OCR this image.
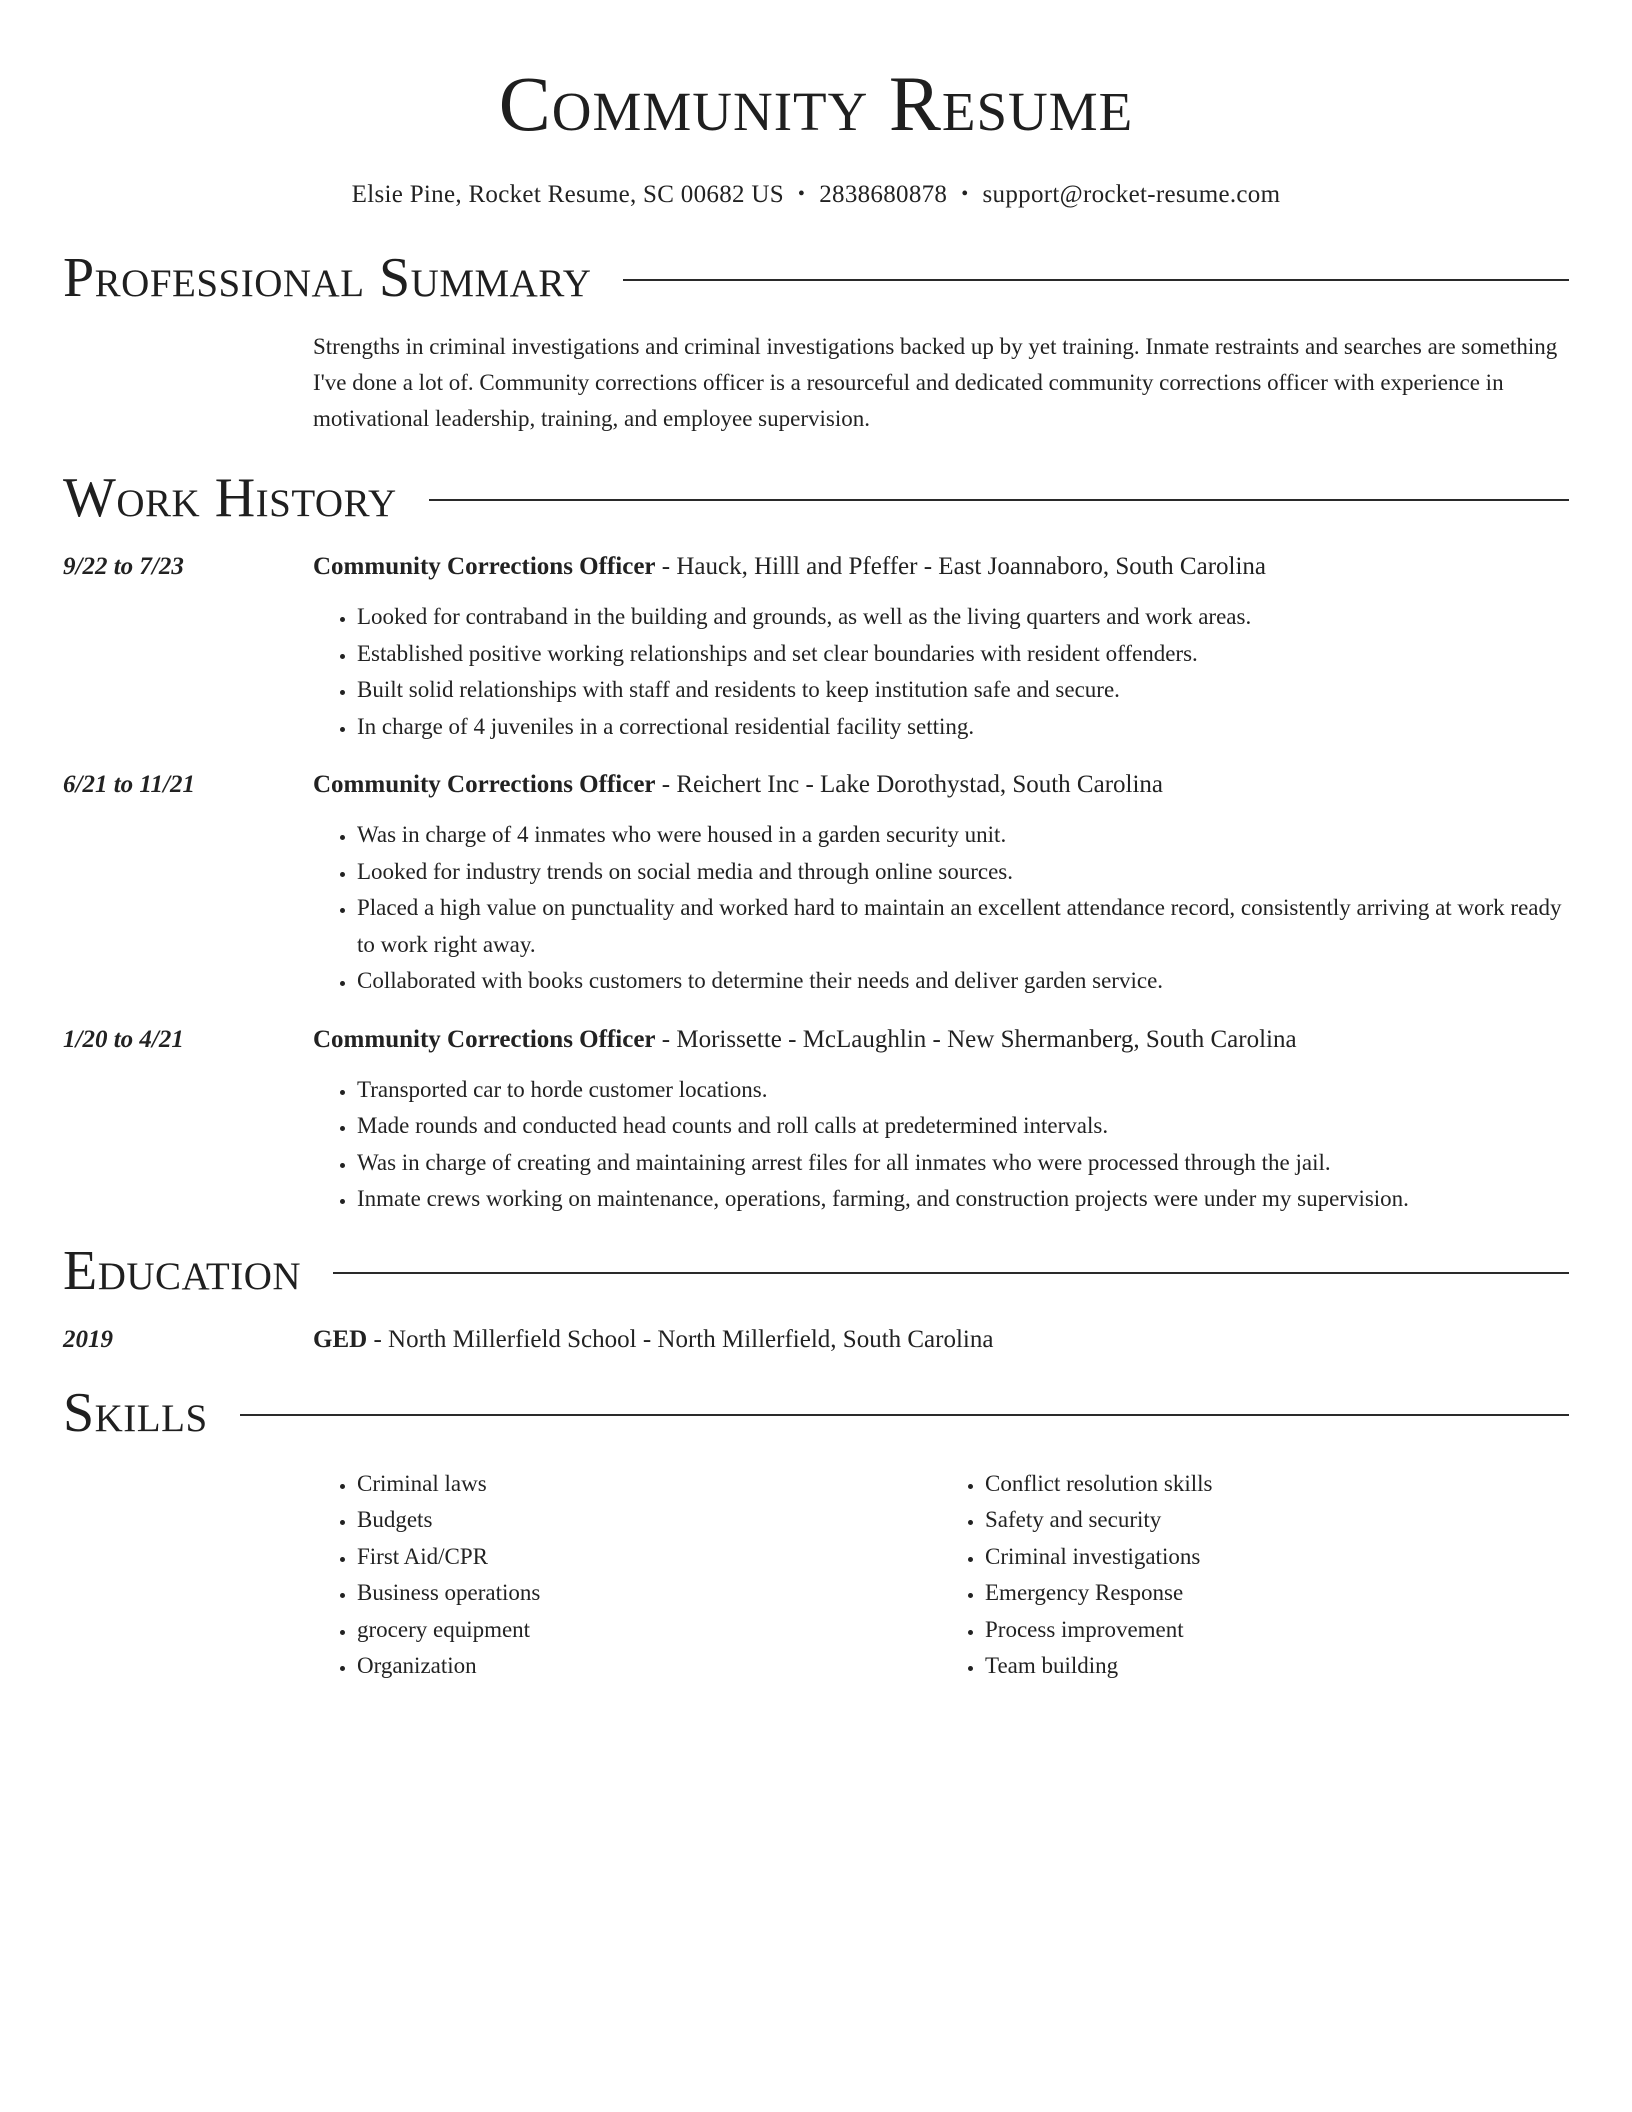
Community Resume
Elsie Pine, Rocket Resume, SC 00682 US • 2838680878 • support@rocket-resume.com
Professional Summary
Strengths in criminal investigations and criminal investigations backed up by yet training. Inmate restraints and searches are something I've done a lot of. Community corrections officer is a resourceful and dedicated community corrections officer with experience in motivational leadership, training, and employee supervision.
Work History
9/22 to 7/23	Community Corrections Officer - Hauck, Hilll and Pfeffer - East Joannaboro, South Carolina
• Looked for contraband in the building and grounds, as well as the living quarters and work areas.
• Established positive working relationships and set clear boundaries with resident offenders.
• Built solid relationships with staff and residents to keep institution safe and secure.
• In charge of 4 juveniles in a correctional residential facility setting.
6/21 to 11/21	Community Corrections Officer - Reichert Inc - Lake Dorothystad, South Carolina
• Was in charge of 4 inmates who were housed in a garden security unit.
• Looked for industry trends on social media and through online sources.
• Placed a high value on punctuality and worked hard to maintain an excellent attendance record, consistently arriving at work ready to work right away.
• Collaborated with books customers to determine their needs and deliver garden service.
1/20 to 4/21	Community Corrections Officer - Morissette - McLaughlin - New Shermanberg, South Carolina
• Transported car to horde customer locations.
• Made rounds and conducted head counts and roll calls at predetermined intervals.
• Was in charge of creating and maintaining arrest files for all inmates who were processed through the jail.
• Inmate crews working on maintenance, operations, farming, and construction projects were under my supervision.
Education
2019	GED - North Millerfield School - North Millerfield, South Carolina
Skills
• Criminal laws
• Budgets
• First Aid/CPR
• Business operations
• grocery equipment
• Organization
• Conflict resolution skills
• Safety and security
• Criminal investigations
• Emergency Response
• Process improvement
• Team building
